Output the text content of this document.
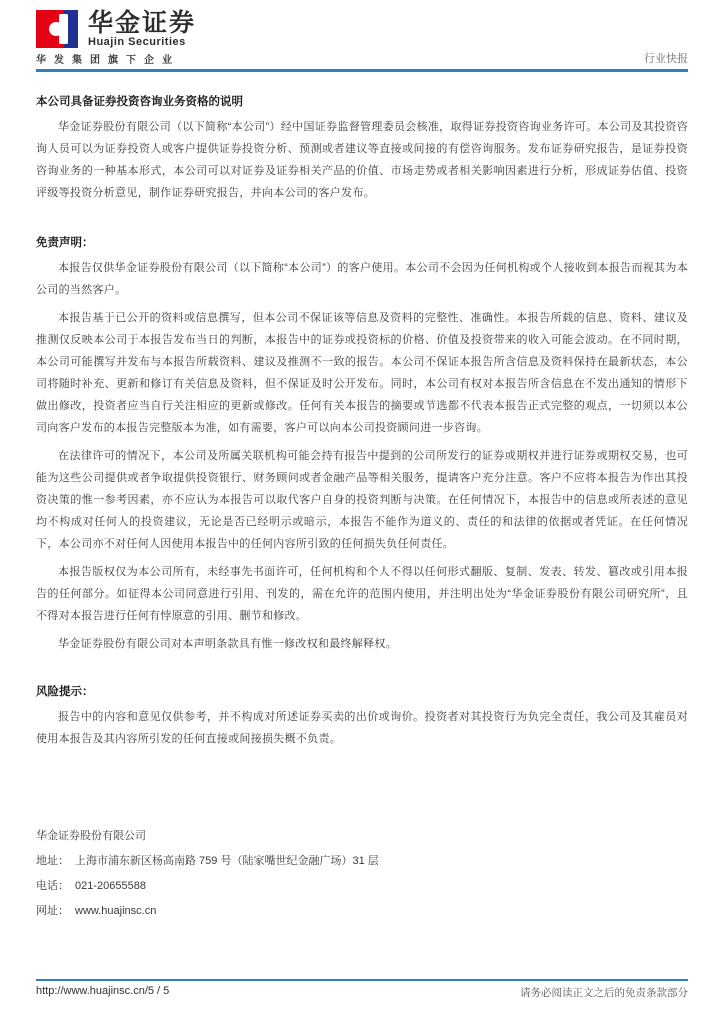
华金证券
Huajin Securities
华发集团旗下企业	行业快报
本公司具备证券投资咨询业务资格的说明

华金证券股份有限公司（以下简称“本公司”）经中国证券监督管理委员会核准，取得证券投资咨询业务许可。本公司及其投资咨询人员可以为证券投资人或客户提供证券投资分析、预测或者建议等直接或间接的有偿咨询服务。发布证券研究报告，是证券投资咨询业务的一种基本形式，本公司可以对证券及证券相关产品的价值、市场走势或者相关影响因素进行分析，形成证券估值、投资评级等投资分析意见，制作证券研究报告，并向本公司的客户发布。

免责声明：

本报告仅供华金证券股份有限公司（以下简称“本公司”）的客户使用。本公司不会因为任何机构或个人接收到本报告而视其为本公司的当然客户。

本报告基于已公开的资料或信息撰写，但本公司不保证该等信息及资料的完整性、准确性。本报告所载的信息、资料、建议及推测仅反映本公司于本报告发布当日的判断，本报告中的证券或投资标的价格、价值及投资带来的收入可能会波动。在不同时期，本公司可能撰写并发布与本报告所载资料、建议及推测不一致的报告。本公司不保证本报告所含信息及资料保持在最新状态，本公司将随时补充、更新和修订有关信息及资料，但不保证及时公开发布。同时，本公司有权对本报告所含信息在不发出通知的情形下做出修改，投资者应当自行关注相应的更新或修改。任何有关本报告的摘要或节选都不代表本报告正式完整的观点，一切须以本公司向客户发布的本报告完整版本为准，如有需要，客户可以向本公司投资顾问进一步咨询。

在法律许可的情况下，本公司及所属关联机构可能会持有报告中提到的公司所发行的证券或期权并进行证券或期权交易，也可能为这些公司提供或者争取提供投资银行、财务顾问或者金融产品等相关服务，提请客户充分注意。客户不应将本报告为作出其投资决策的惟一参考因素，亦不应认为本报告可以取代客户自身的投资判断与决策。在任何情况下，本报告中的信息或所表述的意见均不构成对任何人的投资建议，无论是否已经明示或暗示，本报告不能作为道义的、责任的和法律的依据或者凭证。在任何情况下，本公司亦不对任何人因使用本报告中的任何内容所引致的任何损失负任何责任。

本报告版权仅为本公司所有，未经事先书面许可，任何机构和个人不得以任何形式翻版、复制、发表、转发、篡改或引用本报告的任何部分。如征得本公司同意进行引用、刊发的，需在允许的范围内使用，并注明出处为“华金证券股份有限公司研究所”，且不得对本报告进行任何有悖原意的引用、删节和修改。

华金证券股份有限公司对本声明条款具有惟一修改权和最终解释权。

风险提示：

报告中的内容和意见仅供参考，并不构成对所述证券买卖的出价或询价。投资者对其投资行为负完全责任，我公司及其雇员对使用本报告及其内容所引发的任何直接或间接损失概不负责。

华金证券股份有限公司
地址： 上海市浦东新区杨高南路 759 号（陆家嘴世纪金融广场）31 层
电话： 021-20655588
网址： www.huajinsc.cn
http://www.huajinsc.cn/5 / 5	请务必阅读正文之后的免责条款部分
